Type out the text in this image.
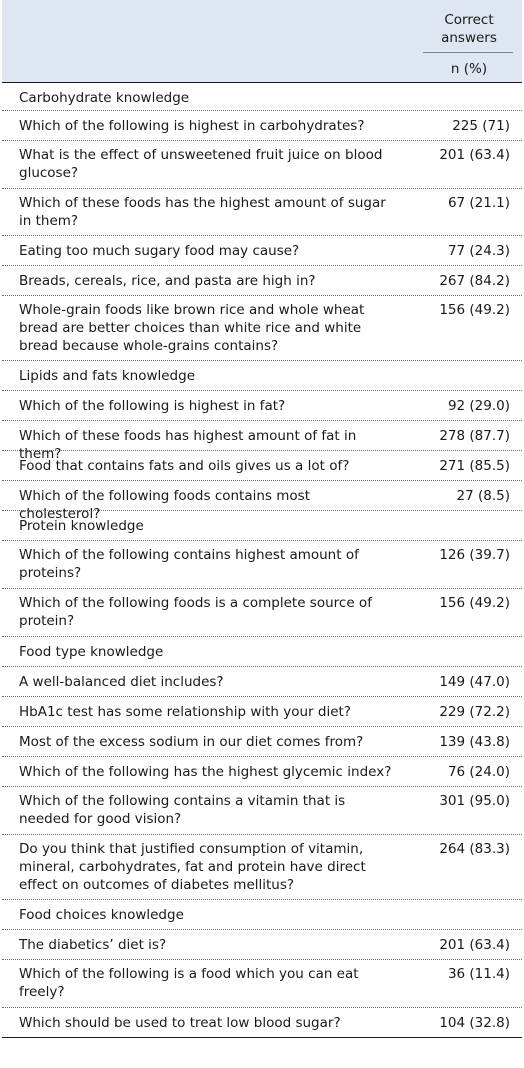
Correct answers
n (%)
Carbohydrate knowledge
Which of the following is highest in carbohydrates?	225 (71)
What is the effect of unsweetened fruit juice on blood glucose?
201 (63.4)
Which of these foods has the highest amount of sugar in them?
67 (21.1)
Eating too much sugary food may cause?	77 (24.3)
Breads, cereals, rice, and pasta are high in?	267 (84.2)
Whole-grain foods like brown rice and whole wheat bread are better choices than white rice and white bread because whole-grains contains?
156 (49.2)
Lipids and fats knowledge
Which of the following is highest in fat?	92 (29.0)
Which of these foods has highest amount of fat in them?
278 (87.7)
Food that contains fats and oils gives us a lot of?	271 (85.5)
Which of the following foods contains most cholesterol?
27 (8.5)
Protein knowledge
Which of the following contains highest amount of proteins?
126 (39.7)
Which of the following foods is a complete source of protein?
156 (49.2)
Food type knowledge
A well-balanced diet includes?	149 (47.0)
HbA1c test has some relationship with your diet?	229 (72.2)
Most of the excess sodium in our diet comes from?	139 (43.8)
Which of the following has the highest glycemic index?	76 (24.0)
Which of the following contains a vitamin that is needed for good vision?
301 (95.0)
Do you think that justified consumption of vitamin, mineral, carbohydrates, fat and protein have direct effect on outcomes of diabetes mellitus?
264 (83.3)
Food choices knowledge
The diabetics’ diet is?	201 (63.4)
Which of the following is a food which you can eat freely?
36 (11.4)
Which should be used to treat low blood sugar?	104 (32.8)
